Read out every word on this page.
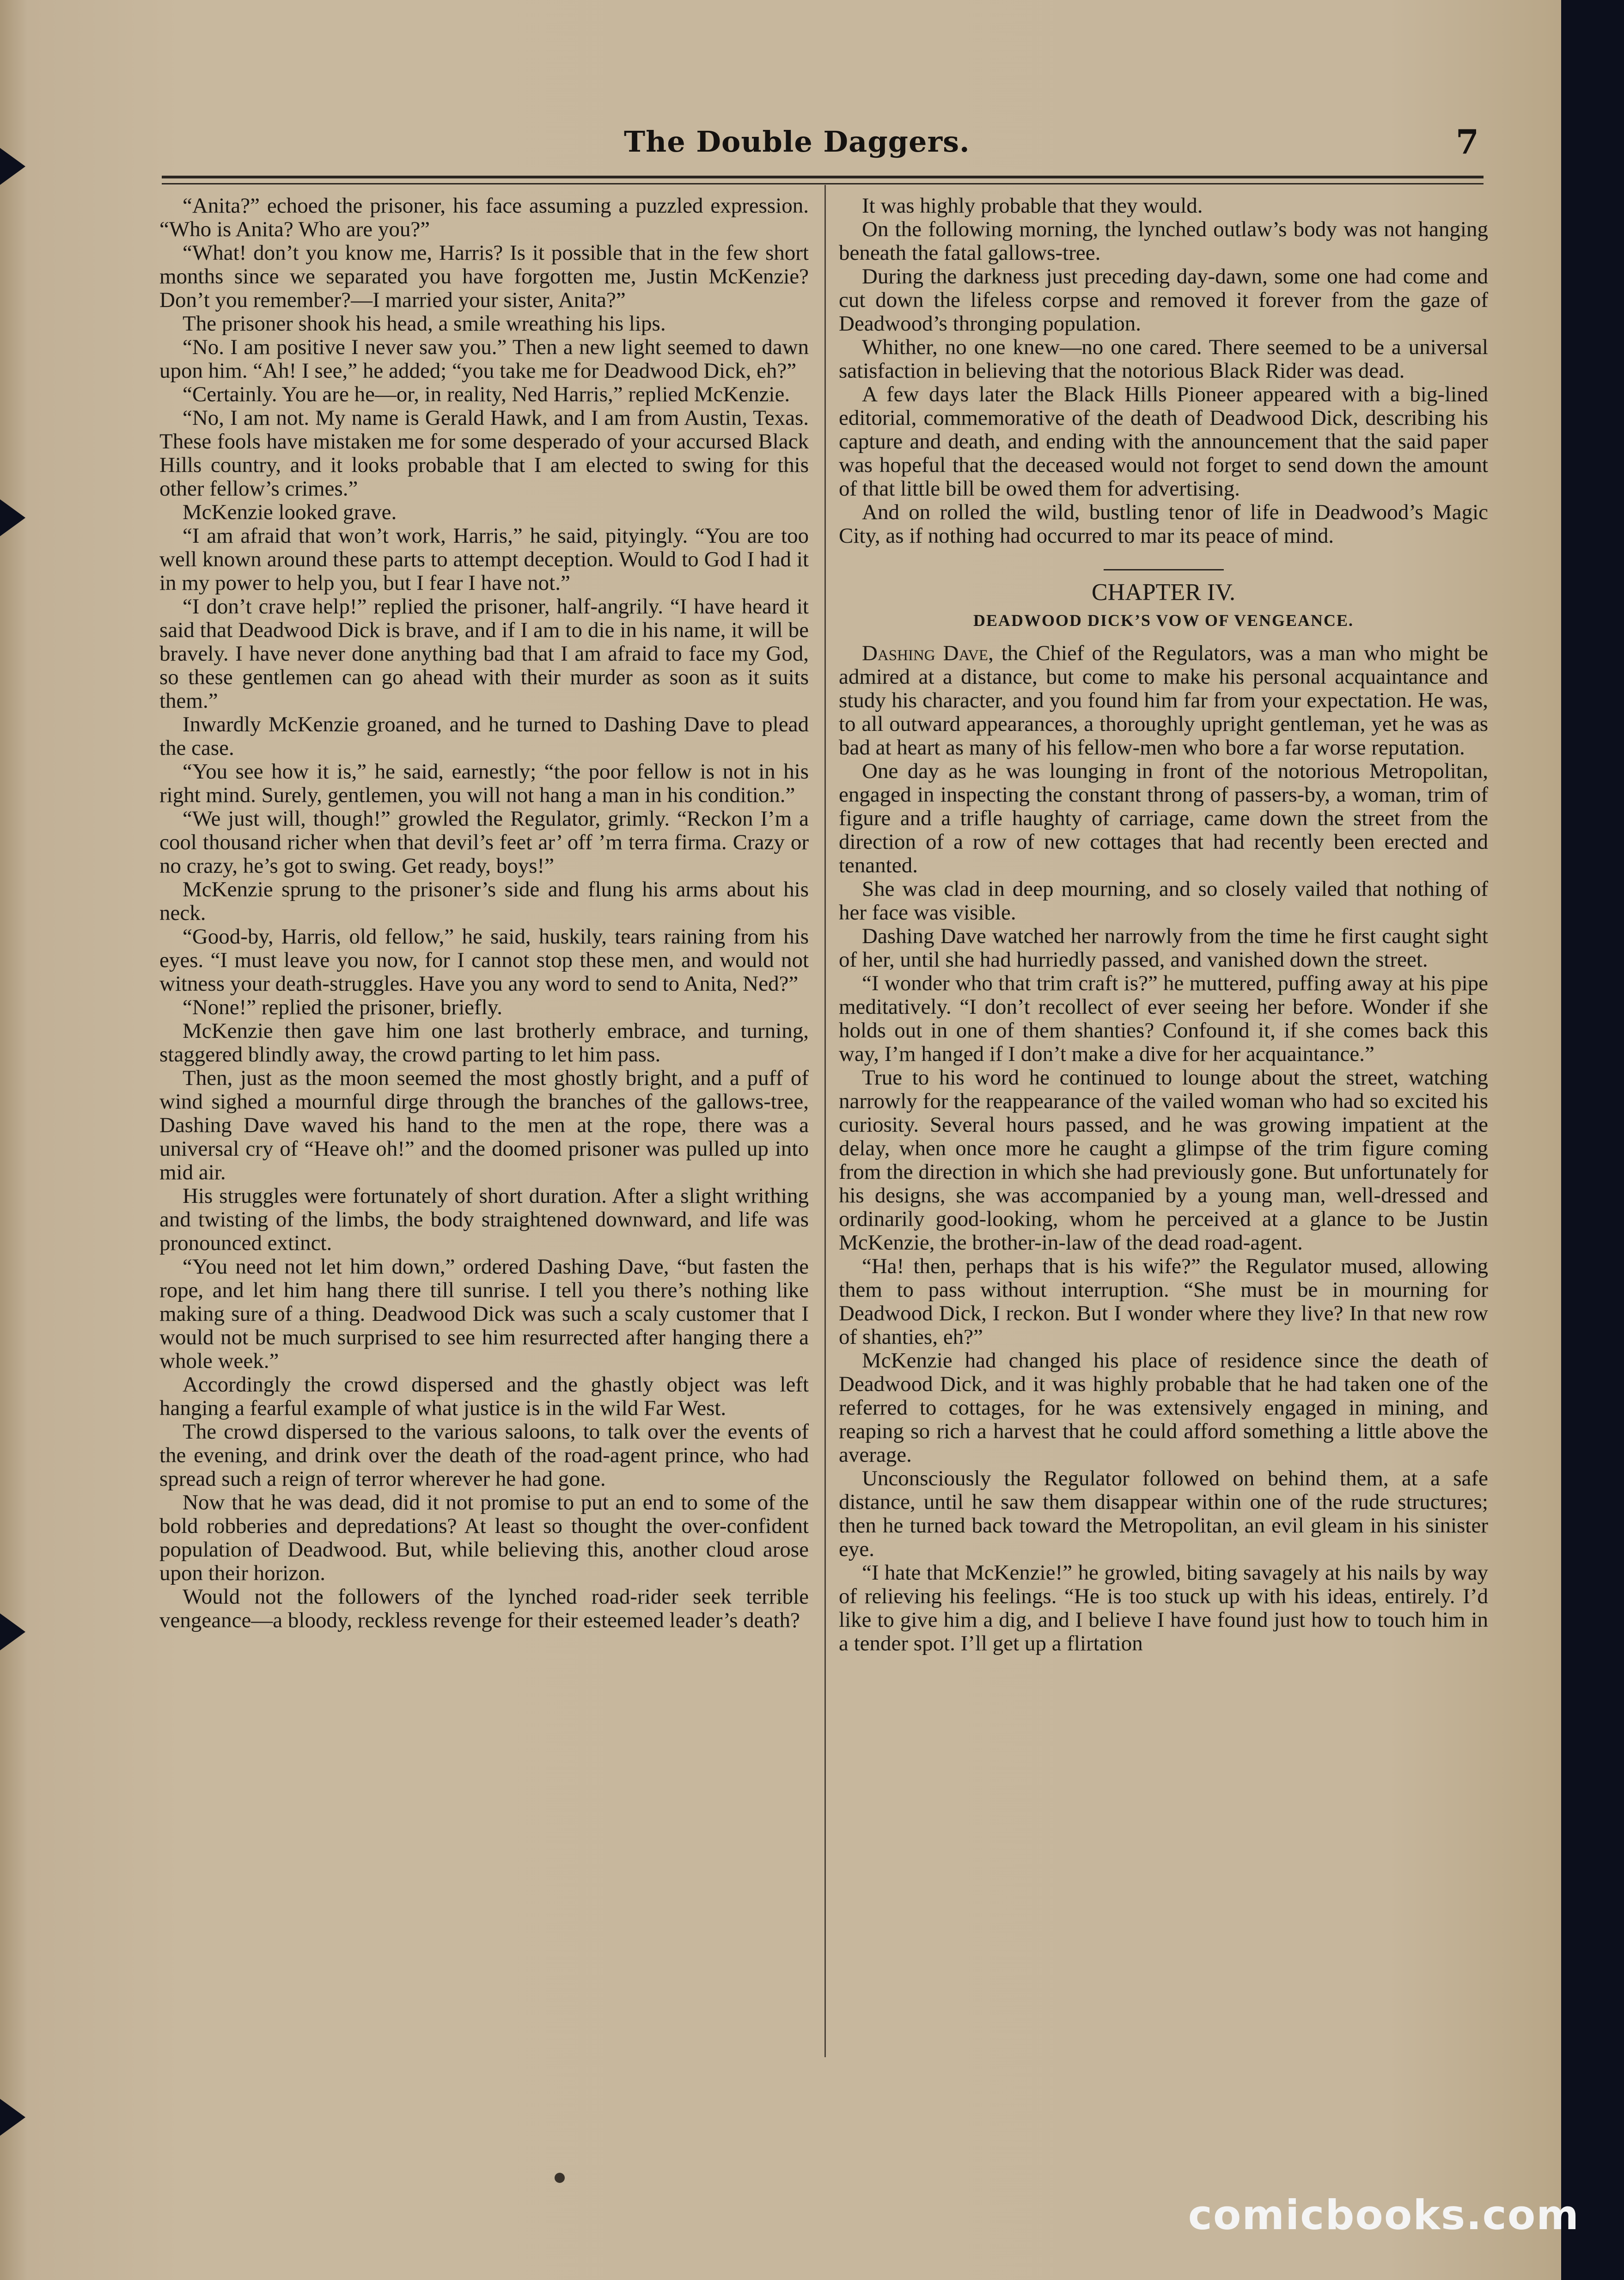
The Double Daggers.	7

“Anita?” echoed the prisoner, his face assuming a puzzled expression. “Who is Anita? Who are you?”

“What! don’t you know me, Harris? Is it possible that in the few short months since we separated you have forgotten me, Justin McKenzie? Don’t you remember?—I married your sister, Anita?”

The prisoner shook his head, a smile wreathing his lips.

“No. I am positive I never saw you.” Then a new light seemed to dawn upon him. “Ah! I see,” he added; “you take me for Deadwood Dick, eh?”

“Certainly. You are he—or, in reality, Ned Harris,” replied McKenzie.

“No, I am not. My name is Gerald Hawk, and I am from Austin, Texas. These fools have mistaken me for some desperado of your accursed Black Hills country, and it looks probable that I am elected to swing for this other fellow’s crimes.”

McKenzie looked grave.

“I am afraid that won’t work, Harris,” he said, pityingly. “You are too well known around these parts to attempt deception. Would to God I had it in my power to help you, but I fear I have not.”

“I don’t crave help!” replied the prisoner, half-angrily. “I have heard it said that Deadwood Dick is brave, and if I am to die in his name, it will be bravely. I have never done anything bad that I am afraid to face my God, so these gentlemen can go ahead with their murder as soon as it suits them.”

Inwardly McKenzie groaned, and he turned to Dashing Dave to plead the case.

“You see how it is,” he said, earnestly; “the poor fellow is not in his right mind. Surely, gentlemen, you will not hang a man in his condition.”

“We just will, though!” growled the Regulator, grimly. “Reckon I’m a cool thousand richer when that devil’s feet ar’ off ’m terra firma. Crazy or no crazy, he’s got to swing. Get ready, boys!”

McKenzie sprung to the prisoner’s side and flung his arms about his neck.

“Good-by, Harris, old fellow,” he said, huskily, tears raining from his eyes. “I must leave you now, for I cannot stop these men, and would not witness your death-struggles. Have you any word to send to Anita, Ned?”

“None!” replied the prisoner, briefly.

McKenzie then gave him one last brotherly embrace, and turning, staggered blindly away, the crowd parting to let him pass.

Then, just as the moon seemed the most ghostly bright, and a puff of wind sighed a mournful dirge through the branches of the gallows-tree, Dashing Dave waved his hand to the men at the rope, there was a universal cry of “Heave oh!” and the doomed prisoner was pulled up into mid air.

His struggles were fortunately of short duration. After a slight writhing and twisting of the limbs, the body straightened downward, and life was pronounced extinct.

“You need not let him down,” ordered Dashing Dave, “but fasten the rope, and let him hang there till sunrise. I tell you there’s nothing like making sure of a thing. Deadwood Dick was such a scaly customer that I would not be much surprised to see him resurrected after hanging there a whole week.”

Accordingly the crowd dispersed and the ghastly object was left hanging a fearful example of what justice is in the wild Far West.

The crowd dispersed to the various saloons, to talk over the events of the evening, and drink over the death of the road-agent prince, who had spread such a reign of terror wherever he had gone.

Now that he was dead, did it not promise to put an end to some of the bold robberies and depredations? At least so thought the over-confident population of Deadwood. But, while believing this, another cloud arose upon their horizon.

Would not the followers of the lynched road-rider seek terrible vengeance—a bloody, reckless revenge for their esteemed leader’s death?

It was highly probable that they would.

On the following morning, the lynched outlaw’s body was not hanging beneath the fatal gallows-tree.

During the darkness just preceding day-dawn, some one had come and cut down the lifeless corpse and removed it forever from the gaze of Deadwood’s thronging population.

Whither, no one knew—no one cared. There seemed to be a universal satisfaction in believing that the notorious Black Rider was dead.

A few days later the Black Hills Pioneer appeared with a big-lined editorial, commemorative of the death of Deadwood Dick, describing his capture and death, and ending with the announcement that the said paper was hopeful that the deceased would not forget to send down the amount of that little bill be owed them for advertising.

And on rolled the wild, bustling tenor of life in Deadwood’s Magic City, as if nothing had occurred to mar its peace of mind.

CHAPTER IV.

DEADWOOD DICK’S VOW OF VENGEANCE.

Dashing Dave, the Chief of the Regulators, was a man who might be admired at a distance, but come to make his personal acquaintance and study his character, and you found him far from your expectation. He was, to all outward appearances, a thoroughly upright gentleman, yet he was as bad at heart as many of his fellow-men who bore a far worse reputation.

One day as he was lounging in front of the notorious Metropolitan, engaged in inspecting the constant throng of passers-by, a woman, trim of figure and a trifle haughty of carriage, came down the street from the direction of a row of new cottages that had recently been erected and tenanted.

She was clad in deep mourning, and so closely vailed that nothing of her face was visible.

Dashing Dave watched her narrowly from the time he first caught sight of her, until she had hurriedly passed, and vanished down the street.

“I wonder who that trim craft is?” he muttered, puffing away at his pipe meditatively. “I don’t recollect of ever seeing her before. Wonder if she holds out in one of them shanties? Confound it, if she comes back this way, I’m hanged if I don’t make a dive for her acquaintance.”

True to his word he continued to lounge about the street, watching narrowly for the reappearance of the vailed woman who had so excited his curiosity. Several hours passed, and he was growing impatient at the delay, when once more he caught a glimpse of the trim figure coming from the direction in which she had previously gone. But unfortunately for his designs, she was accompanied by a young man, well-dressed and ordinarily good-looking, whom he perceived at a glance to be Justin McKenzie, the brother-in-law of the dead road-agent.

“Ha! then, perhaps that is his wife?” the Regulator mused, allowing them to pass without interruption. “She must be in mourning for Deadwood Dick, I reckon. But I wonder where they live? In that new row of shanties, eh?”

McKenzie had changed his place of residence since the death of Deadwood Dick, and it was highly probable that he had taken one of the referred to cottages, for he was extensively engaged in mining, and reaping so rich a harvest that he could afford something a little above the average.

Unconsciously the Regulator followed on behind them, at a safe distance, until he saw them disappear within one of the rude structures; then he turned back toward the Metropolitan, an evil gleam in his sinister eye.

“I hate that McKenzie!” he growled, biting savagely at his nails by way of relieving his feelings. “He is too stuck up with his ideas, entirely. I’d like to give him a dig, and I believe I have found just how to touch him in a tender spot. I’ll get up a flirtation

comicbooks.com
